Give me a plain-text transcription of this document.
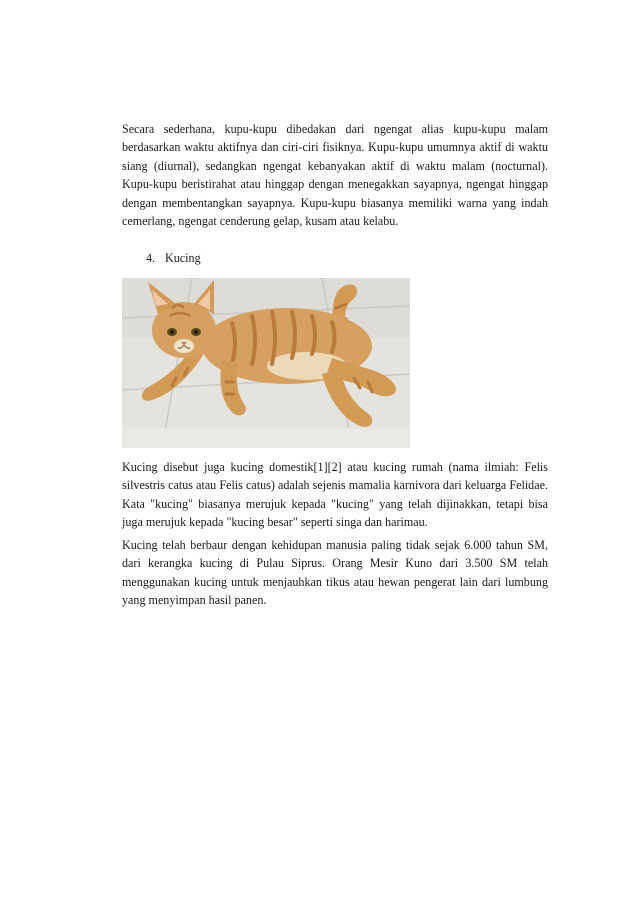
Secara sederhana, kupu-kupu dibedakan dari ngengat alias kupu-kupu malam berdasarkan waktu aktifnya dan ciri-ciri fisiknya. Kupu-kupu umumnya aktif di waktu siang (diurnal), sedangkan ngengat kebanyakan aktif di waktu malam (nocturnal). Kupu-kupu beristirahat atau hinggap dengan menegakkan sayapnya, ngengat hinggap dengan membentangkan sayapnya. Kupu-kupu biasanya memiliki warna yang indah cemerlang, ngengat cenderung gelap, kusam atau kelabu.

4. Kucing

Kucing disebut juga kucing domestik[1][2] atau kucing rumah (nama ilmiah: Felis silvestris catus atau Felis catus) adalah sejenis mamalia karnivora dari keluarga Felidae. Kata "kucing" biasanya merujuk kepada "kucing" yang telah dijinakkan, tetapi bisa juga merujuk kepada "kucing besar" seperti singa dan harimau.

Kucing telah berbaur dengan kehidupan manusia paling tidak sejak 6.000 tahun SM, dari kerangka kucing di Pulau Siprus. Orang Mesir Kuno dari 3.500 SM telah menggunakan kucing untuk menjauhkan tikus atau hewan pengerat lain dari lumbung yang menyimpan hasil panen.
